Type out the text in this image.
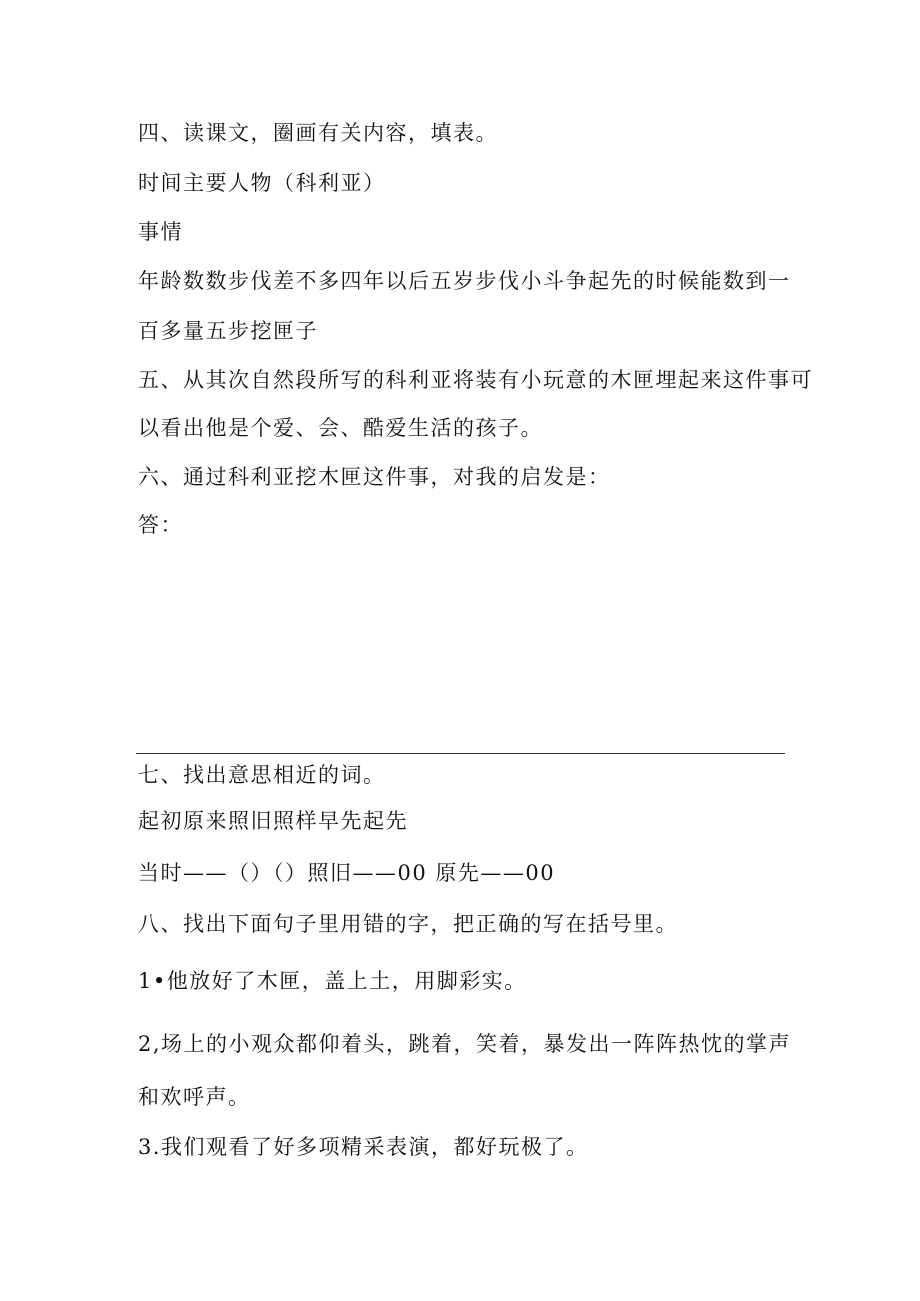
四、读课文，圈画有关内容，填表。
时间主要人物（科利亚）
事情
年龄数数步伐差不多四年以后五岁步伐小斗争起先的时候能数到一
百多量五步挖匣子
五、从其次自然段所写的科利亚将装有小玩意的木匣埋起来这件事可
以看出他是个爱、会、酷爱生活的孩子。
六、通过科利亚挖木匣这件事，对我的启发是：
答：
七、找出意思相近的词。
起初原来照旧照样早先起先
当时——（）（）照旧——00 原先——00
八、找出下面句子里用错的字，把正确的写在括号里。
1•他放好了木匣，盖上土，用脚彩实。
2,场上的小观众都仰着头，跳着，笑着，暴发出一阵阵热忱的掌声
和欢呼声。
3.我们观看了好多项精采表演，都好玩极了。
